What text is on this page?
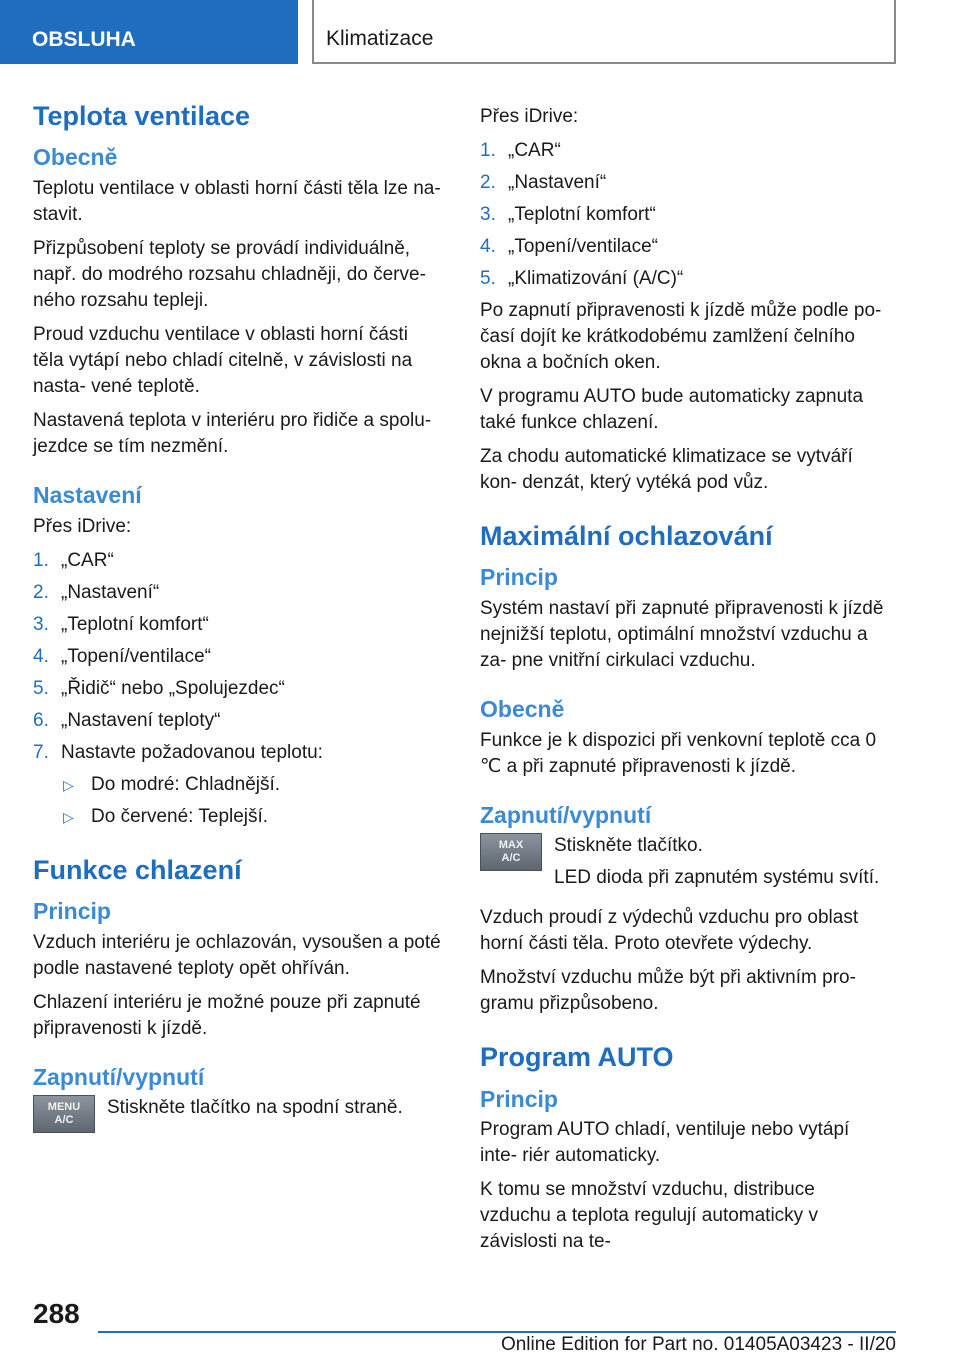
OBSLUHA	Klimatizace
Teplota ventilace
Obecně

Teplotu ventilace v oblasti horní části těla lze na- stavit.

Přizpůsobení teploty se provádí individuálně, např. do modrého rozsahu chladněji, do červe- ného rozsahu tepleji.

Proud vzduchu ventilace v oblasti horní části těla vytápí nebo chladí citelně, v závislosti na nasta- vené teplotě.

Nastavená teplota v interiéru pro řidiče a spolu- jezdce se tím nezmění.

Nastavení

Přes iDrive:

1. „CAR“
2. „Nastavení“
3. „Teplotní komfort“
4. „Topení/ventilace“
5. „Řidič“ nebo „Spolujezdec“
6. „Nastavení teploty“
7. Nastavte požadovanou teplotu:
▷ Do modré: Chladnější.
▷ Do červené: Teplejší.
Funkce chlazení
Princip

Vzduch interiéru je ochlazován, vysoušen a poté podle nastavené teploty opět ohříván.

Chlazení interiéru je možné pouze při zapnuté připravenosti k jízdě.

Zapnutí/vypnutí
MENU
A/C

Stiskněte tlačítko na spodní straně.

Přes iDrive:

1. „CAR“
2. „Nastavení“
3. „Teplotní komfort“
4. „Topení/ventilace“
5. „Klimatizování (A/C)“

Po zapnutí připravenosti k jízdě může podle po- časí dojít ke krátkodobému zamlžení čelního okna a bočních oken.

V programu AUTO bude automaticky zapnuta také funkce chlazení.

Za chodu automatické klimatizace se vytváří kon- denzát, který vytéká pod vůz.

Maximální ochlazování
Princip

Systém nastaví při zapnuté připravenosti k jízdě nejnižší teplotu, optimální množství vzduchu a za- pne vnitřní cirkulaci vzduchu.

Obecně

Funkce je k dispozici při venkovní teplotě cca 0 ℃ a při zapnuté připravenosti k jízdě.

Zapnutí/vypnutí
MAX
A/C

Stiskněte tlačítko.

LED dioda při zapnutém systému svítí.

Vzduch proudí z výdechů vzduchu pro oblast horní části těla. Proto otevřete výdechy.

Množství vzduchu může být při aktivním pro- gramu přizpůsobeno.

Program AUTO
Princip

Program AUTO chladí, ventiluje nebo vytápí inte- riér automaticky.

K tomu se množství vzduchu, distribuce vzduchu a teplota regulují automaticky v závislosti na te-

288
Online Edition for Part no. 01405A03423 - II/20
